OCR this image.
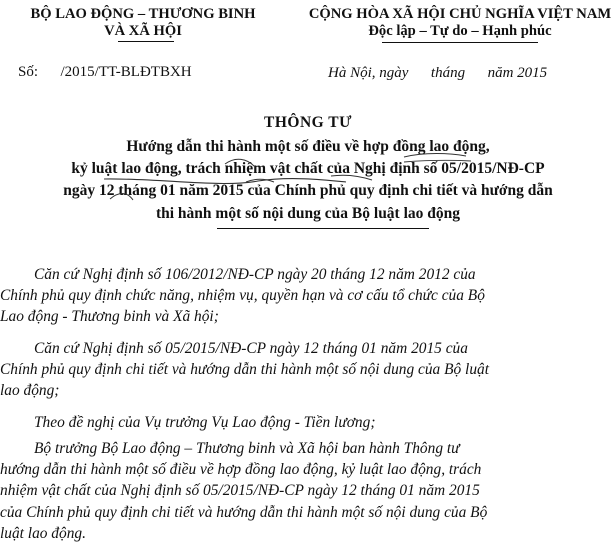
BỘ LAO ĐỘNG – THƯƠNG BINH
VÀ XÃ HỘI
CỘNG HÒA XÃ HỘI CHỦ NGHĨA VIỆT NAM
Độc lập – Tự do – Hạnh phúc
Số:      /2015/TT-BLĐTBXH	Hà Nội, ngày      tháng      năm 2015
THÔNG TƯ
Hướng dẫn thi hành một số điều về hợp đồng lao động,
kỷ luật lao động, trách nhiệm vật chất của Nghị định số 05/2015/NĐ-CP
ngày 12 tháng 01 năm 2015 của Chính phủ quy định chi tiết và hướng dẫn
thi hành một số nội dung của Bộ luật lao động
Căn cứ Nghị định số 106/2012/NĐ-CP ngày 20 tháng 12 năm 2012 của
Chính phủ quy định chức năng, nhiệm vụ, quyền hạn và cơ cấu tổ chức của Bộ
Lao động - Thương binh và Xã hội;
Căn cứ Nghị định số 05/2015/NĐ-CP ngày 12 tháng 01 năm 2015 của
Chính phủ quy định chi tiết và hướng dẫn thi hành một số nội dung của Bộ luật
lao động;
Theo đề nghị của Vụ trưởng Vụ Lao động - Tiền lương;
Bộ trưởng Bộ Lao động – Thương binh và Xã hội ban hành Thông tư
hướng dẫn thi hành một số điều về hợp đồng lao động, kỷ luật lao động, trách
nhiệm vật chất của Nghị định số 05/2015/NĐ-CP ngày 12 tháng 01 năm 2015
của Chính phủ quy định chi tiết và hướng dẫn thi hành một số nội dung của Bộ
luật lao động.
